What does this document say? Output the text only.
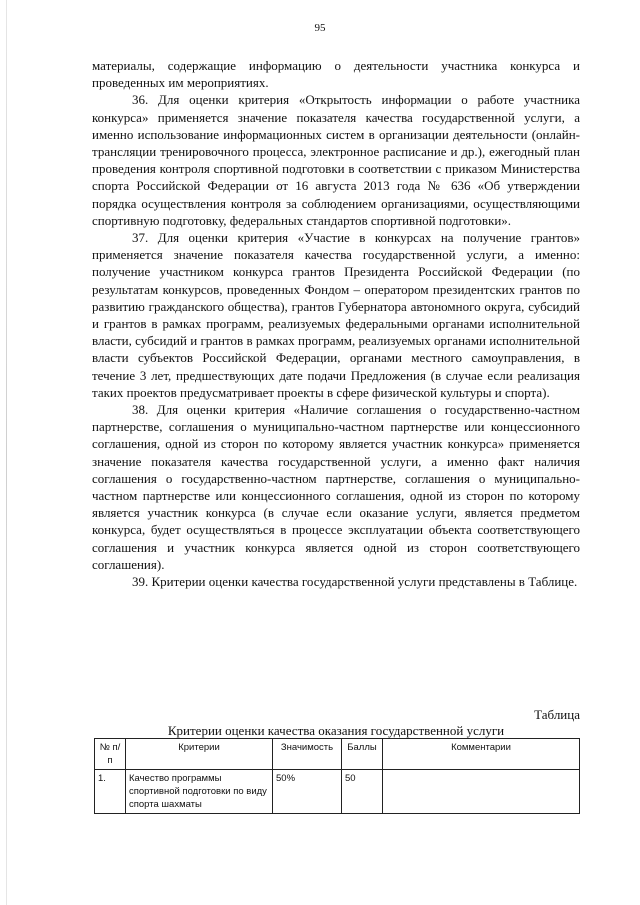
95

материалы, содержащие информацию о деятельности участника конкурса и проведенных им мероприятиях.

36. Для оценки критерия «Открытость информации о работе участника конкурса» применяется значение показателя качества государственной услуги, а именно использование информационных систем в организации деятельности (онлайн-трансляции тренировочного процесса, электронное расписание и др.), ежегодный план проведения контроля спортивной подготовки в соответствии с приказом Министерства спорта Российской Федерации от 16 августа 2013 года № 636 «Об утверждении порядка осуществления контроля за соблюдением организациями, осуществляющими спортивную подготовку, федеральных стандартов спортивной подготовки».

37. Для оценки критерия «Участие в конкурсах на получение грантов» применяется значение показателя качества государственной услуги, а именно: получение участником конкурса грантов Президента Российской Федерации (по результатам конкурсов, проведенных Фондом – оператором президентских грантов по развитию гражданского общества), грантов Губернатора автономного округа, субсидий и грантов в рамках программ, реализуемых федеральными органами исполнительной власти, субсидий и грантов в рамках программ, реализуемых органами исполнительной власти субъектов Российской Федерации, органами местного самоуправления, в течение 3 лет, предшествующих дате подачи Предложения (в случае если реализация таких проектов предусматривает проекты в сфере физической культуры и спорта).

38. Для оценки критерия «Наличие соглашения о государственно-частном партнерстве, соглашения о муниципально-частном партнерстве или концессионного соглашения, одной из сторон по которому является участник конкурса» применяется значение показателя качества государственной услуги, а именно факт наличия соглашения о государственно-частном партнерстве, соглашения о муниципально-частном партнерстве или концессионного соглашения, одной из сторон по которому является участник конкурса (в случае если оказание услуги, является предметом конкурса, будет осуществляться в процессе эксплуатации объекта соответствующего соглашения и участник конкурса является одной из сторон соответствующего соглашения).

39. Критерии оценки качества государственной услуги представлены в Таблице.

Таблица
Критерии оценки качества оказания государственной услуги
№ п/п	Критерии	Значимость	Баллы	Комментарии
1.	Качество программы спортивной подготовки по виду спорта шахматы	50%	50	
